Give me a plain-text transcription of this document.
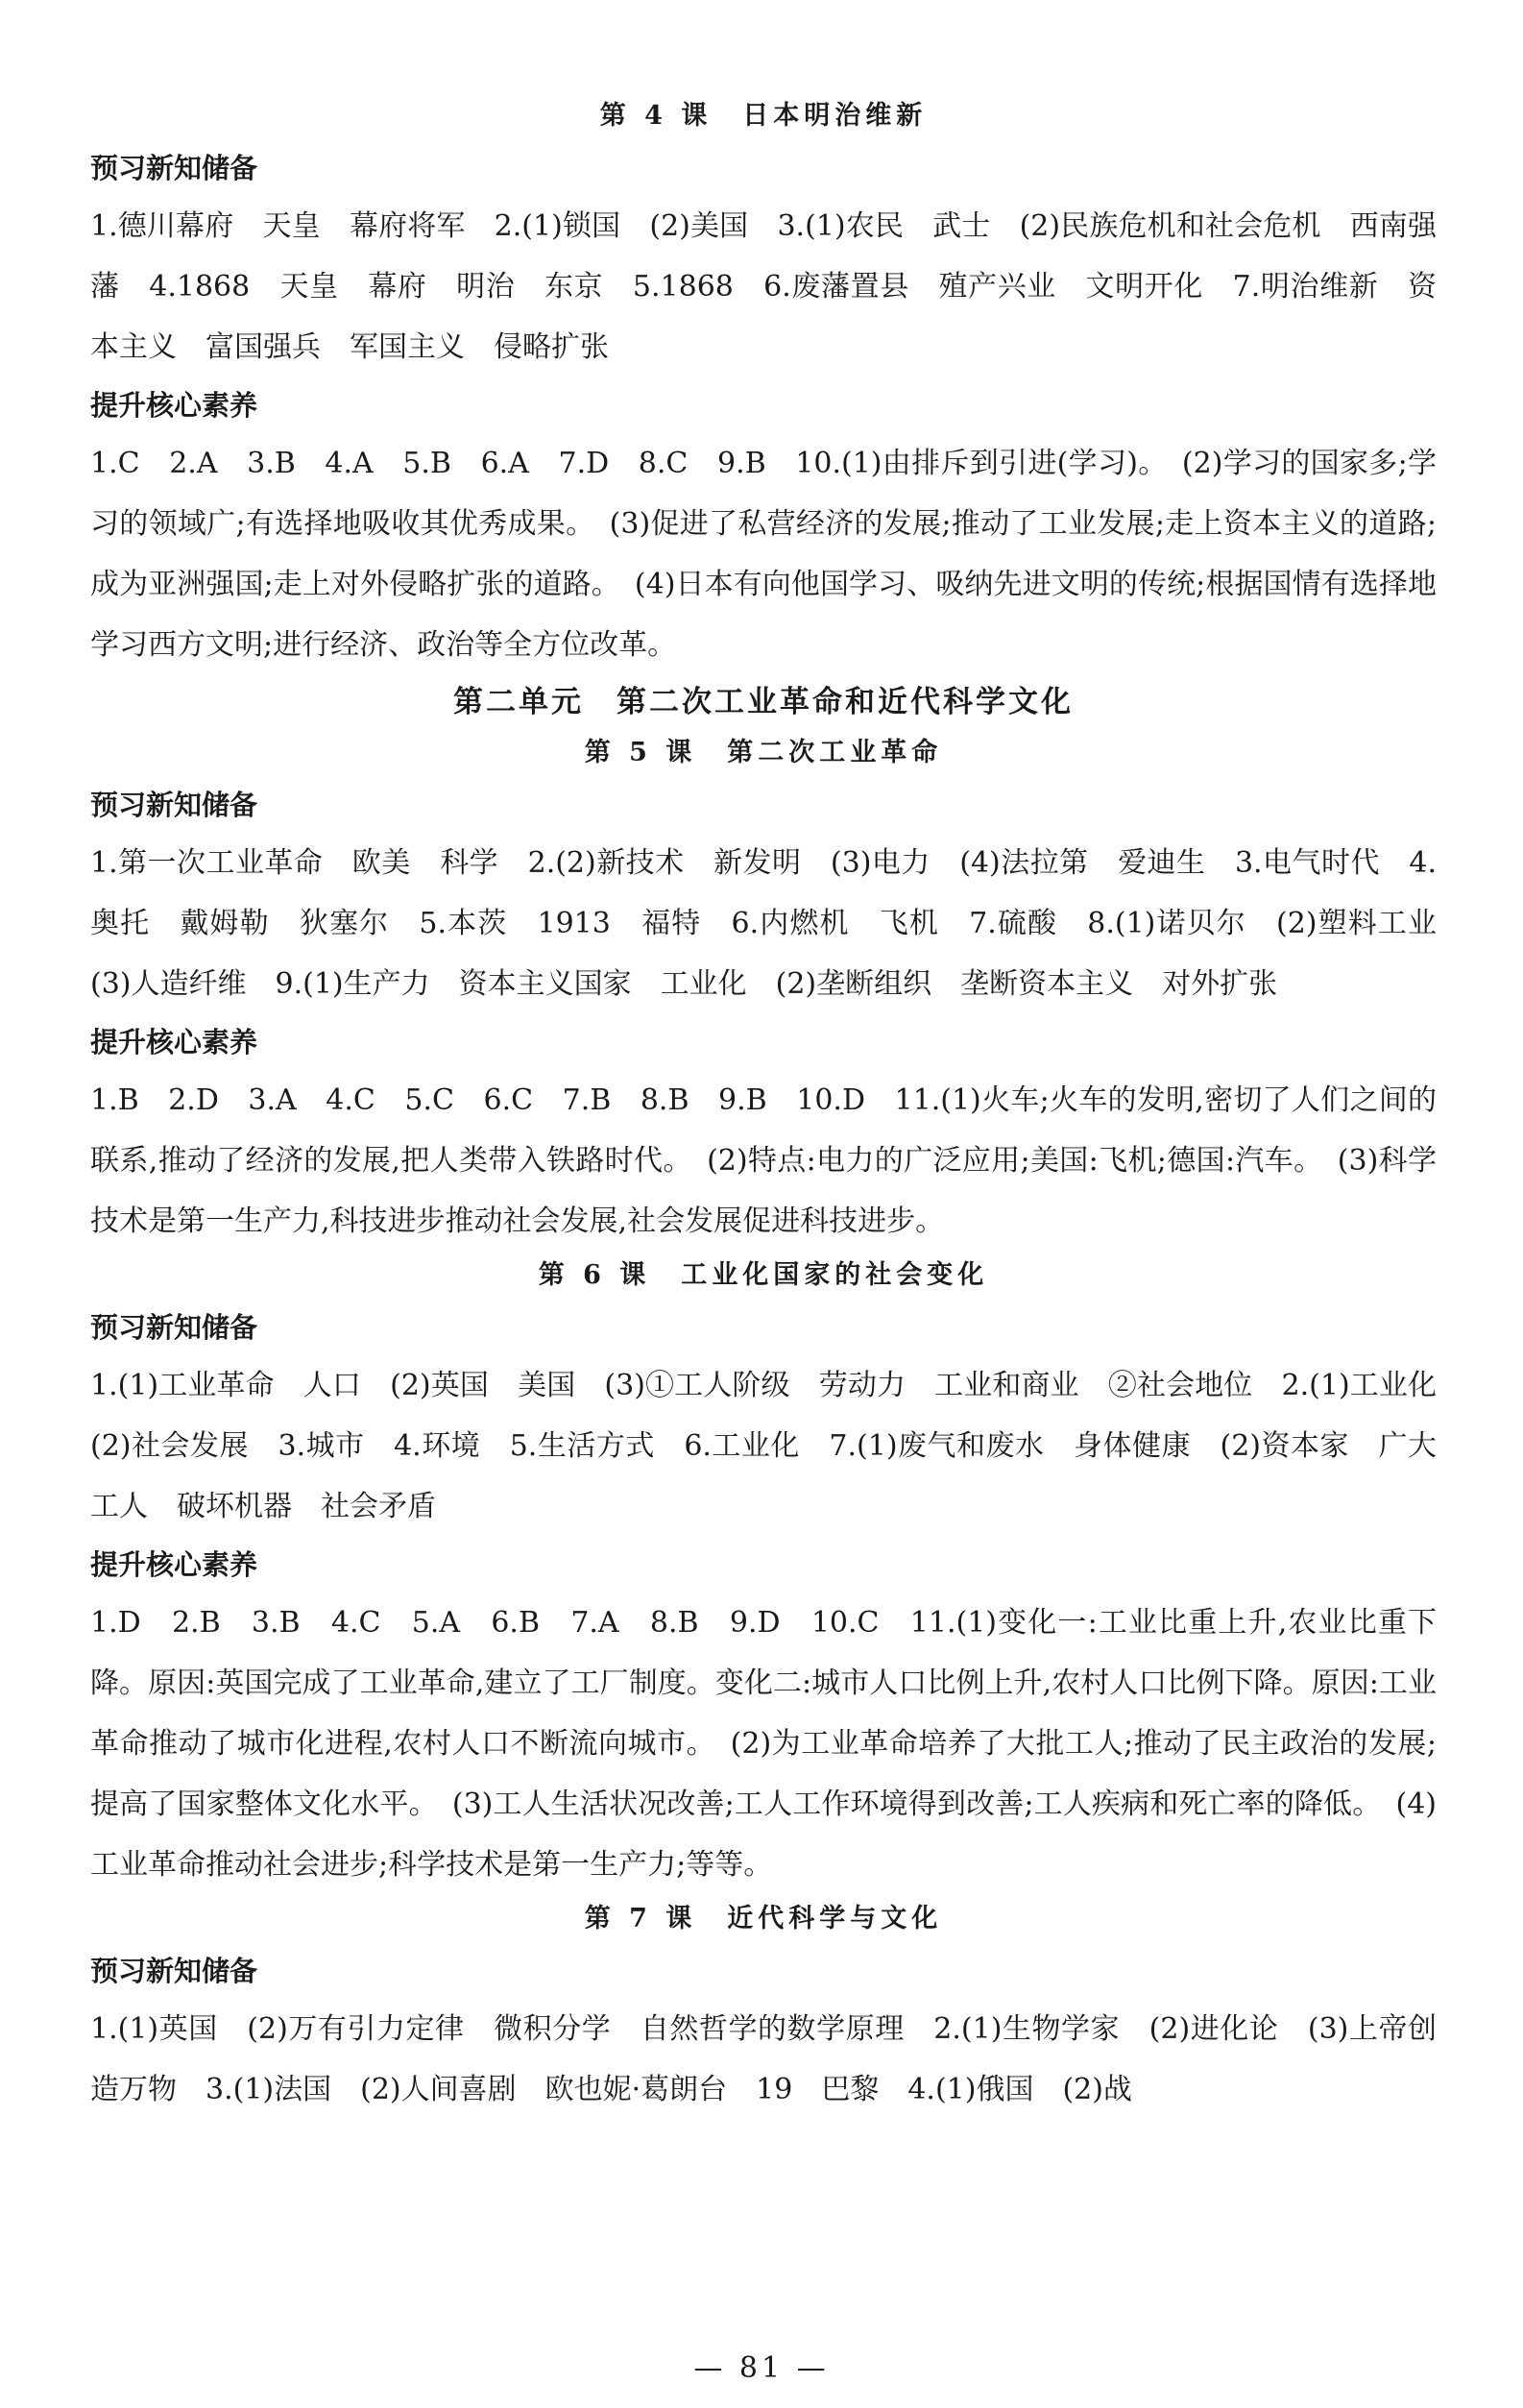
第 4 课　日本明治维新
预习新知储备

1.德川幕府　天皇　幕府将军　2.(1)锁国　(2)美国　3.(1)农民　武士　(2)民族危机和社会危机　西南强藩　4.1868　天皇　幕府　明治　东京　5.1868　6.废藩置县　殖产兴业　文明开化　7.明治维新　资本主义　富国强兵　军国主义　侵略扩张

提升核心素养

1.C　2.A　3.B　4.A　5.B　6.A　7.D　8.C　9.B　10.(1)由排斥到引进(学习)。　(2)学习的国家多;学习的领域广;有选择地吸收其优秀成果。　(3)促进了私营经济的发展;推动了工业发展;走上资本主义的道路;成为亚洲强国;走上对外侵略扩张的道路。　(4)日本有向他国学习、吸纳先进文明的传统;根据国情有选择地学习西方文明;进行经济、政治等全方位改革。

第二单元　第二次工业革命和近代科学文化
第 5 课　第二次工业革命
预习新知储备

1.第一次工业革命　欧美　科学　2.(2)新技术　新发明　(3)电力　(4)法拉第　爱迪生　3.电气时代　4.奥托　戴姆勒　狄塞尔　5.本茨　1913　福特　6.内燃机　飞机　7.硫酸　8.(1)诺贝尔　(2)塑料工业　(3)人造纤维　9.(1)生产力　资本主义国家　工业化　(2)垄断组织　垄断资本主义　对外扩张

提升核心素养

1.B　2.D　3.A　4.C　5.C　6.C　7.B　8.B　9.B　10.D　11.(1)火车;火车的发明,密切了人们之间的联系,推动了经济的发展,把人类带入铁路时代。　(2)特点:电力的广泛应用;美国:飞机;德国:汽车。　(3)科学技术是第一生产力,科技进步推动社会发展,社会发展促进科技进步。

第 6 课　工业化国家的社会变化
预习新知储备

1.(1)工业革命　人口　(2)英国　美国　(3)①工人阶级　劳动力　工业和商业　②社会地位　2.(1)工业化　(2)社会发展　3.城市　4.环境　5.生活方式　6.工业化　7.(1)废气和废水　身体健康　(2)资本家　广大工人　破坏机器　社会矛盾

提升核心素养

1.D　2.B　3.B　4.C　5.A　6.B　7.A　8.B　9.D　10.C　11.(1)变化一:工业比重上升,农业比重下降。原因:英国完成了工业革命,建立了工厂制度。变化二:城市人口比例上升,农村人口比例下降。原因:工业革命推动了城市化进程,农村人口不断流向城市。　(2)为工业革命培养了大批工人;推动了民主政治的发展;提高了国家整体文化水平。　(3)工人生活状况改善;工人工作环境得到改善;工人疾病和死亡率的降低。　(4)工业革命推动社会进步;科学技术是第一生产力;等等。

第 7 课　近代科学与文化
预习新知储备

1.(1)英国　(2)万有引力定律　微积分学　自然哲学的数学原理　2.(1)生物学家　(2)进化论　(3)上帝创造万物　3.(1)法国　(2)人间喜剧　欧也妮·葛朗台　19　巴黎　4.(1)俄国　(2)战

— 81 —
